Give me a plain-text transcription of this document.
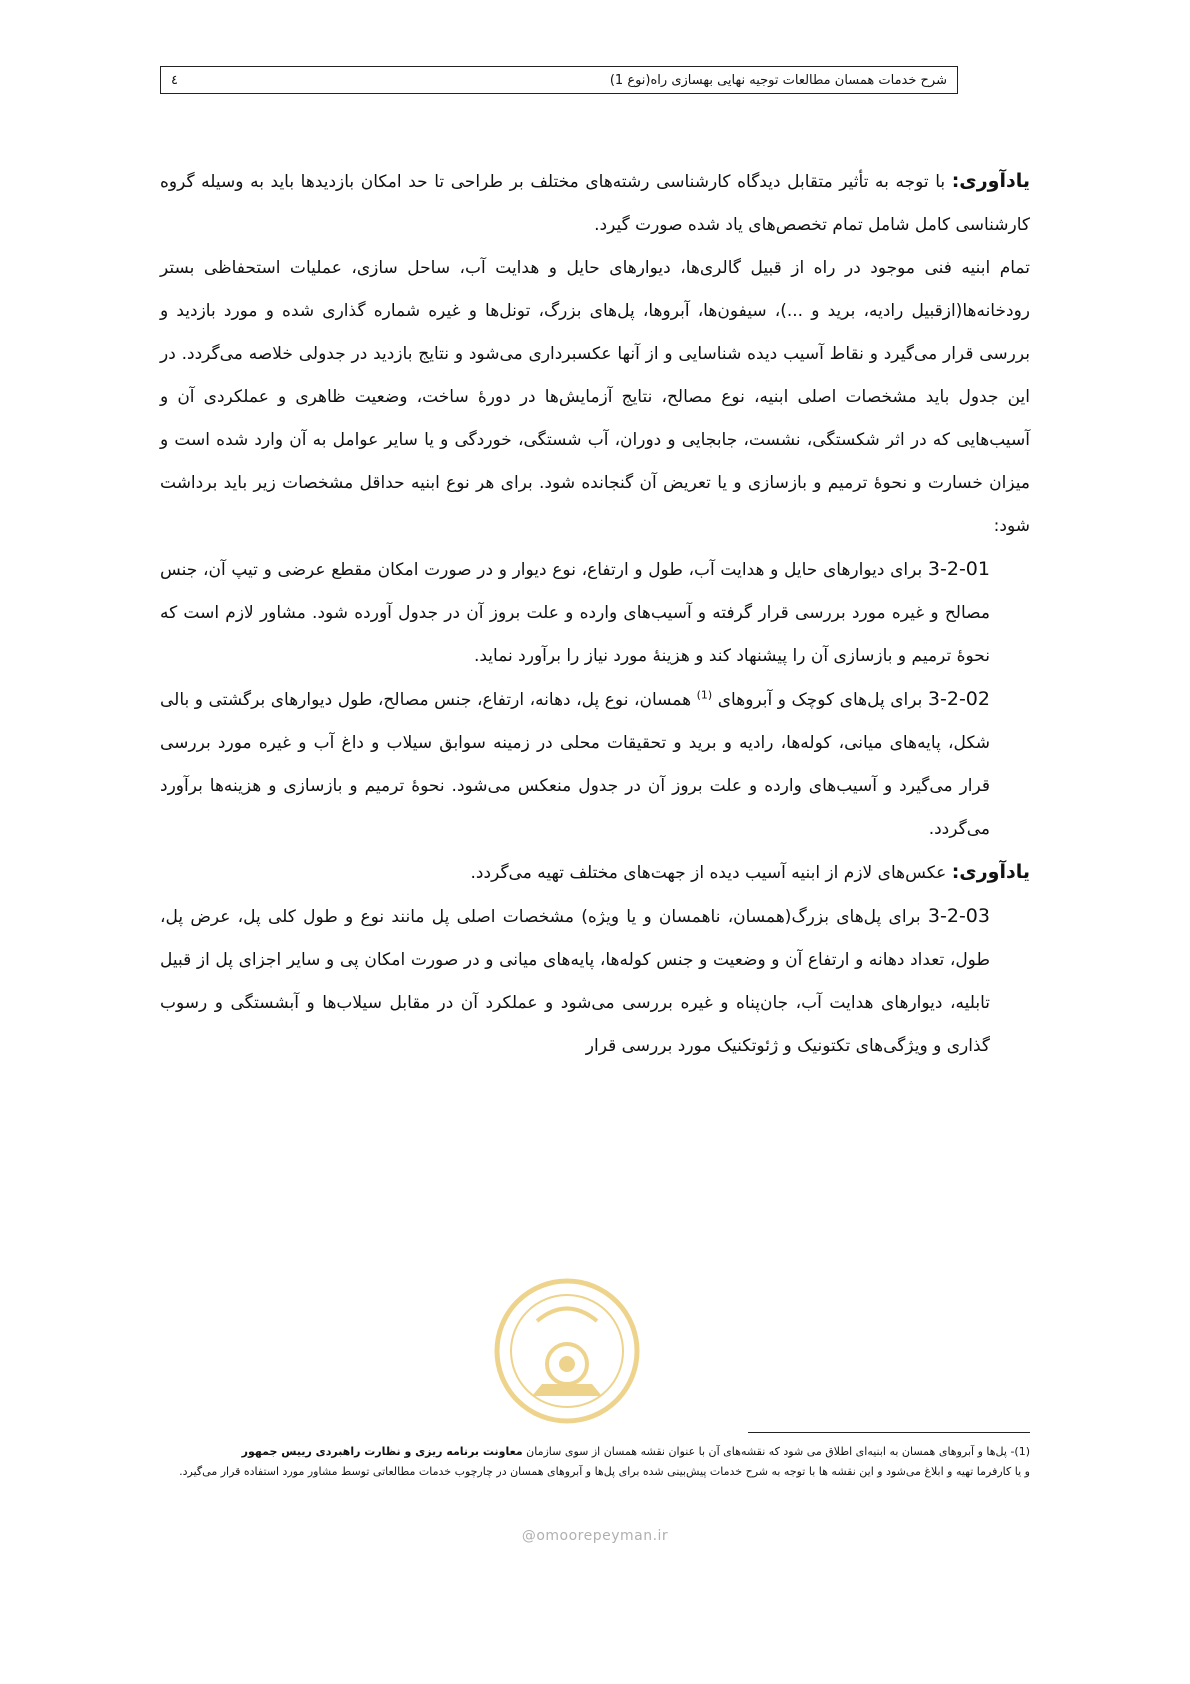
شرح خدمات همسان مطالعات توجیه نهایی بهسازی راه(نوع 1)
٤

یادآوری: با توجه به تأثیر متقابل دیدگاه کارشناسی رشته‌های مختلف بر طراحی تا حد امکان بازدیدها باید به وسیله گروه کارشناسی کامل شامل تمام تخصص‌های یاد شده صورت گیرد.

تمام ابنیه فنی موجود در راه از قبیل گالری‌ها، دیوارهای حایل و هدایت آب، ساحل سازی، عملیات استحفاظی بستر رودخانه‌ها(ازقبیل رادیه، برید و ...)، سیفون‌ها، آبروها، پل‌های بزرگ، تونل‌ها و غیره شماره گذاری شده و مورد بازدید و بررسی قرار می‌گیرد و نقاط آسیب دیده شناسایی و از آنها عکسبرداری می‌شود و نتایج بازدید در جدولی خلاصه می‌گردد. در این جدول باید مشخصات اصلی ابنیه، نوع مصالح، نتایج آزمایش‌ها در دورهٔ ساخت، وضعیت ظاهری و عملکردی آن و آسیب‌هایی که در اثر شکستگی، نشست، جابجایی و دوران، آب شستگی، خوردگی و یا سایر عوامل به آن وارد شده است و میزان خسارت و نحوهٔ ترمیم و بازسازی و یا تعریض آن گنجانده شود. برای هر نوع ابنیه حداقل مشخصات زیر باید برداشت شود:

3-2-01 برای دیوارهای حایل و هدایت آب، طول و ارتفاع، نوع دیوار و در صورت امکان مقطع عرضی و تیپ آن، جنس مصالح و غیره مورد بررسی قرار گرفته و آسیب‌های وارده و علت بروز آن در جدول آورده شود. مشاور لازم است که نحوهٔ ترمیم و بازسازی آن را پیشنهاد کند و هزینهٔ مورد نیاز را برآورد نماید.

3-2-02 برای پل‌های کوچک و آبروهای $^{(1)}$ همسان، نوع پل، دهانه، ارتفاع، جنس مصالح، طول دیوارهای برگشتی و بالی شکل، پایه‌های میانی، کوله‌ها، رادیه و برید و تحقیقات محلی در زمینه سوابق سیلاب و داغ آب و غیره مورد بررسی قرار می‌گیرد و آسیب‌های وارده و علت بروز آن در جدول منعکس می‌شود. نحوهٔ ترمیم و بازسازی و هزینه‌ها برآورد می‌گردد.

یادآوری: عکس‌های لازم از ابنیه آسیب دیده از جهت‌های مختلف تهیه می‌گردد.

3-2-03 برای پل‌های بزرگ(همسان، ناهمسان و یا ویژه) مشخصات اصلی پل مانند نوع و طول کلی پل، عرض پل، طول، تعداد دهانه و ارتفاع آن و وضعیت و جنس کوله‌ها، پایه‌های میانی و در صورت امکان پی و سایر اجزای پل از قبیل تابلیه، دیوارهای هدایت آب، جان‌پناه و غیره بررسی می‌شود و عملکرد آن در مقابل سیلاب‌ها و آبشستگی و رسوب گذاری و ویژگی‌های تکتونیک و ژئوتکنیک مورد بررسی قرار

(1)- پل‌ها و آبروهای همسان به ابنیه‌ای اطلاق می شود که نقشه‌های آن با عنوان نقشه همسان از سوی سازمان معاونت برنامه ریزی و نظارت راهبردی رییس جمهور

و یا کارفرما تهیه و ابلاغ می‌شود و این نقشه ها با توجه به شرح خدمات پیش‌بینی شده برای پل‌ها و آبروهای همسان در چارچوب خدمات مطالعاتی توسط مشاور مورد استفاده قرار می‌گیرد.

@omoorepeyman.ir
